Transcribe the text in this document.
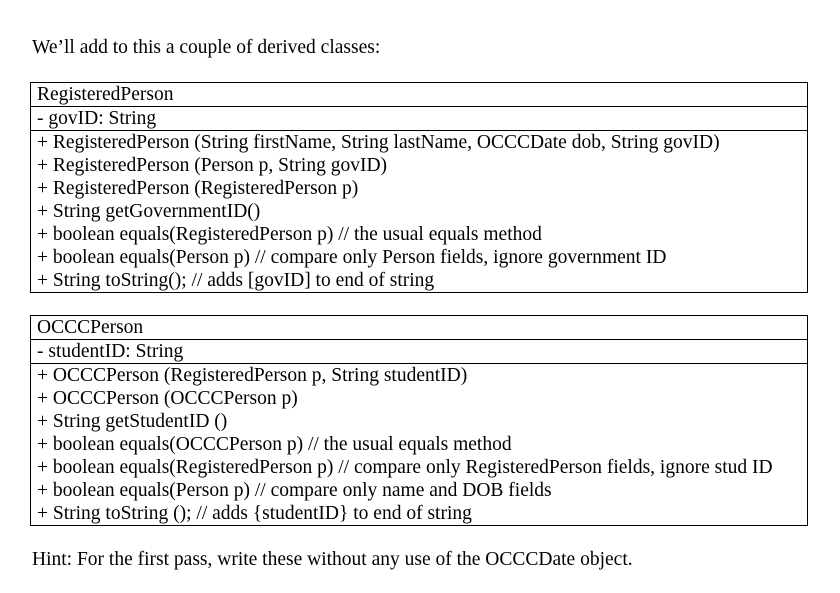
We’ll add to this a couple of derived classes:

RegisteredPerson
- govID: String
+ RegisteredPerson (String firstName, String lastName, OCCCDate dob, String govID)
+ RegisteredPerson (Person p, String govID)
+ RegisteredPerson (RegisteredPerson p)
+ String getGovernmentID()
+ boolean equals(RegisteredPerson p) // the usual equals method
+ boolean equals(Person p) // compare only Person fields, ignore government ID
+ String toString(); // adds [govID] to end of string
OCCCPerson
- studentID: String
+ OCCCPerson (RegisteredPerson p, String studentID)
+ OCCCPerson (OCCCPerson p)
+ String getStudentID ()
+ boolean equals(OCCCPerson p) // the usual equals method
+ boolean equals(RegisteredPerson p) // compare only RegisteredPerson fields, ignore stud ID
+ boolean equals(Person p) // compare only name and DOB fields
+ String toString (); // adds {studentID} to end of string

Hint: For the first pass, write these without any use of the OCCCDate object.
